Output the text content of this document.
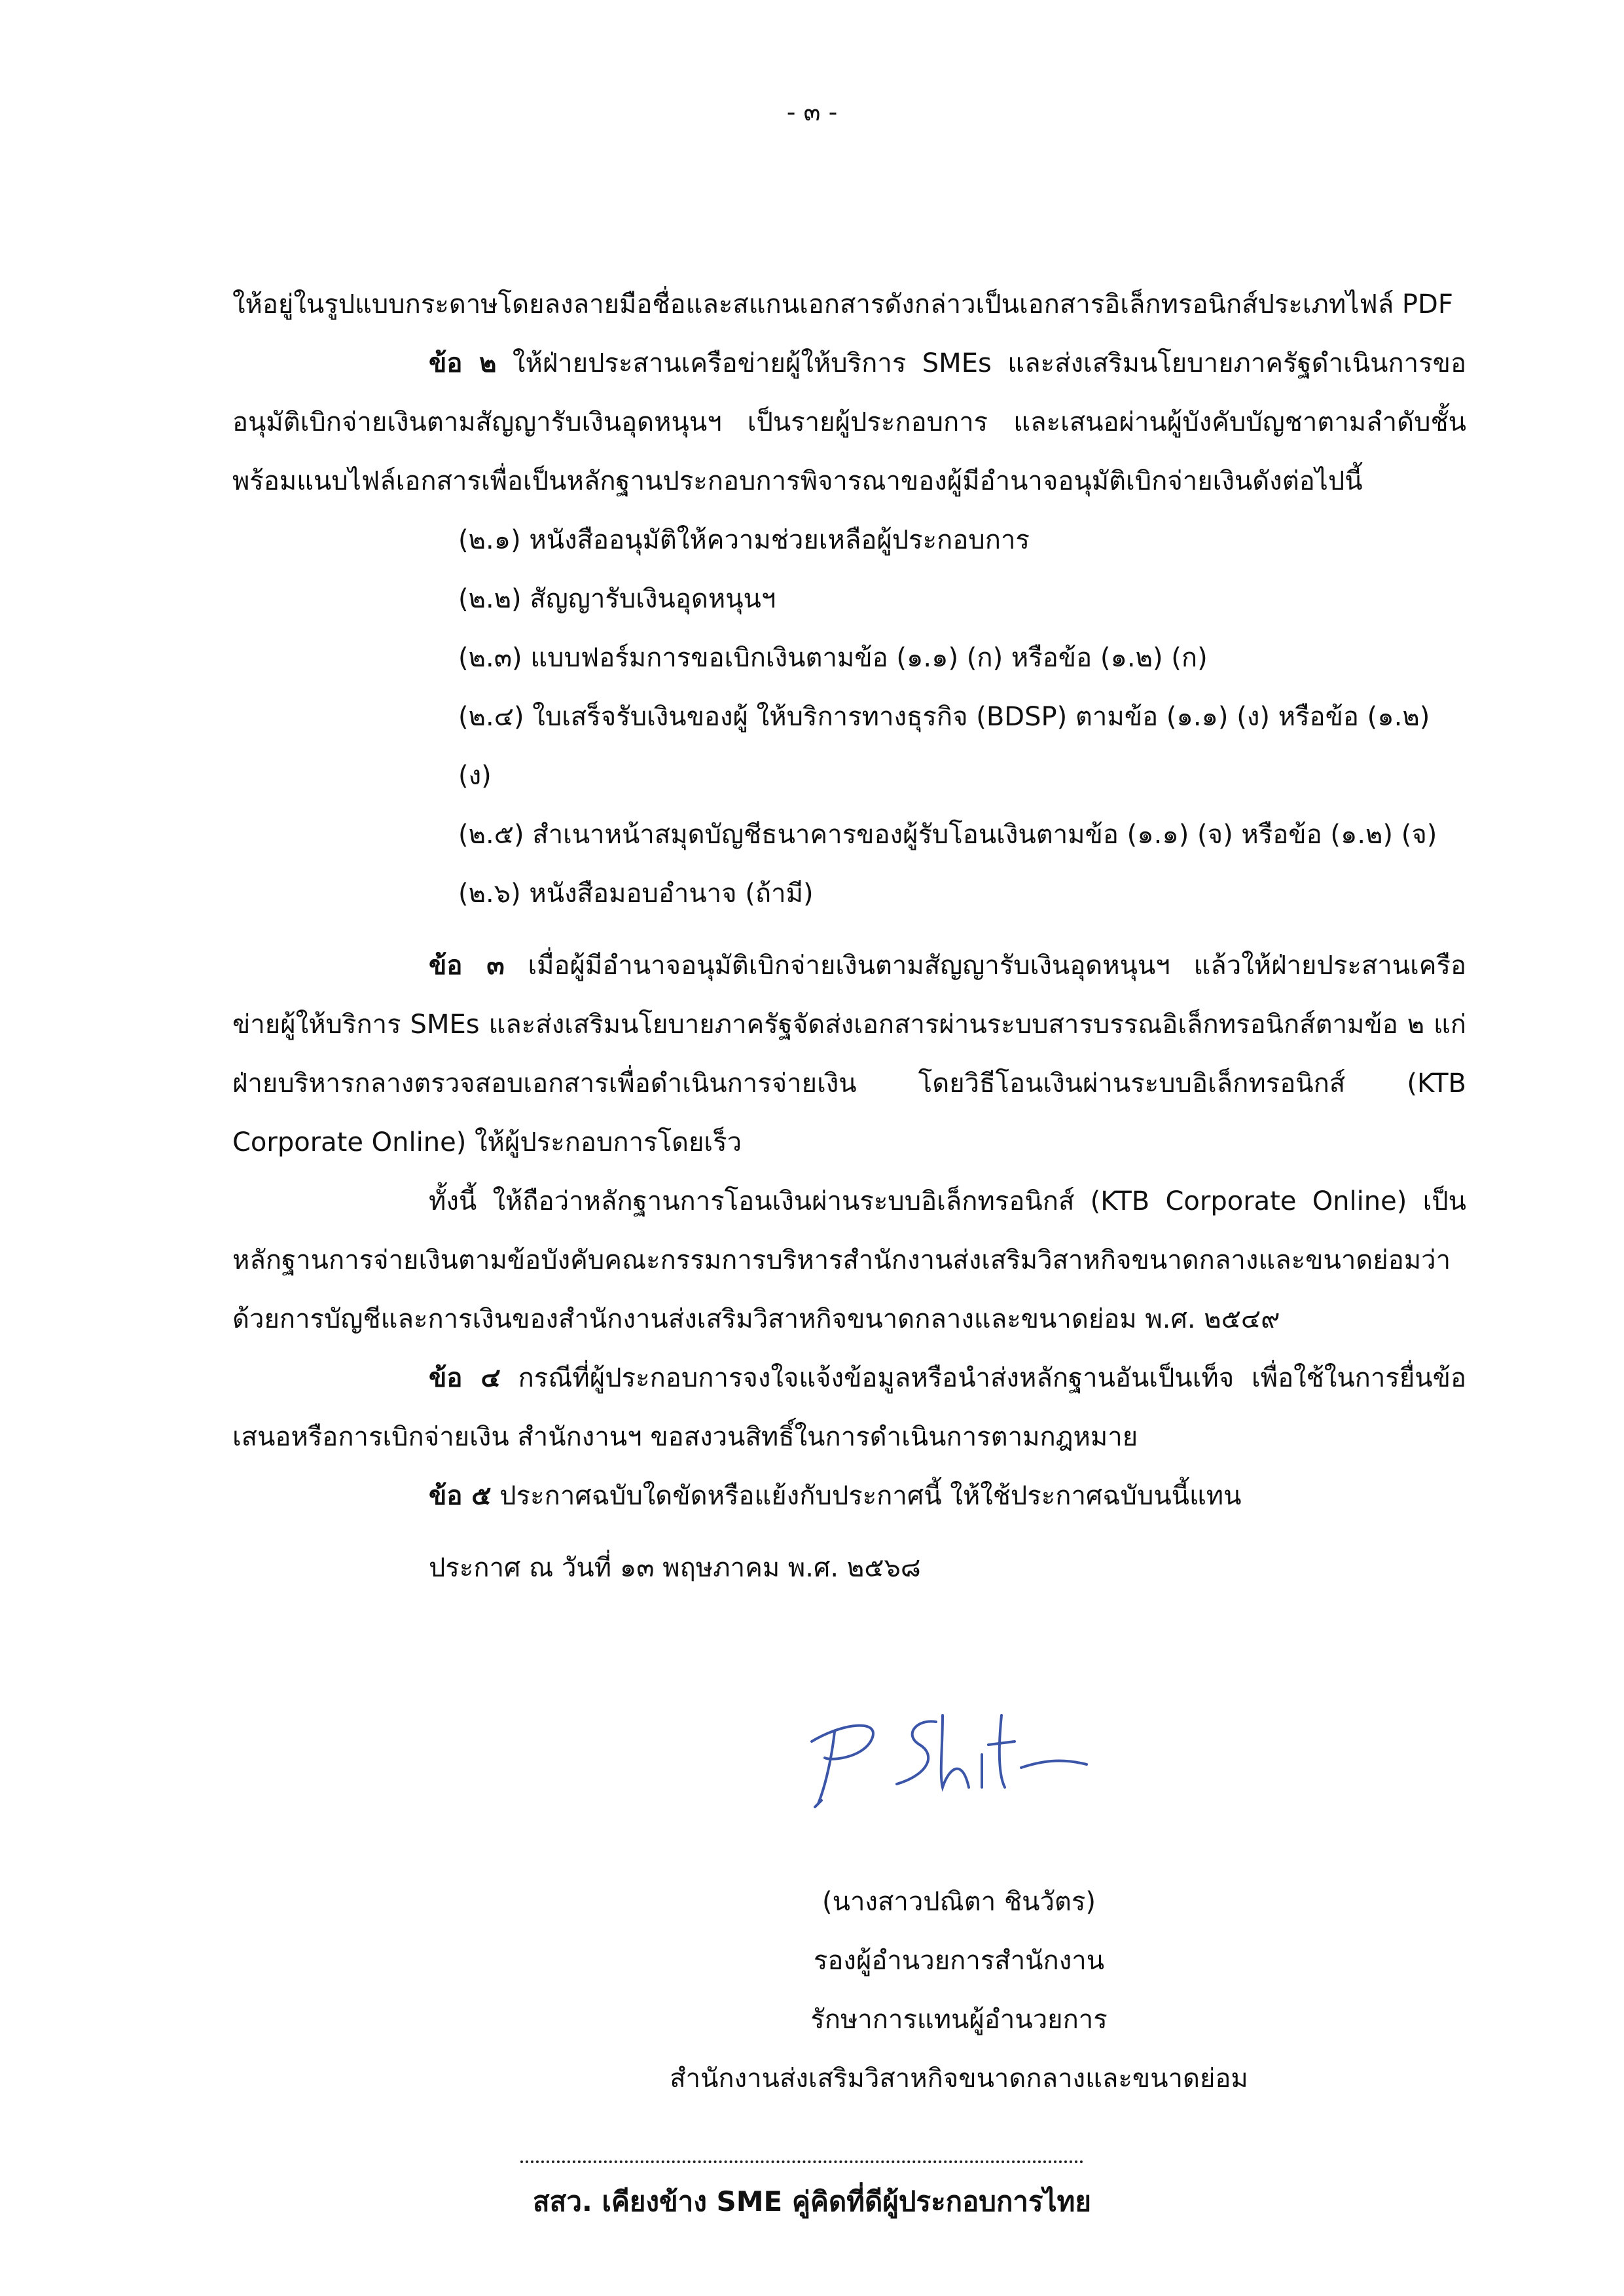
- ๓ -

ให้อยู่ในรูปแบบกระดาษโดยลงลายมือชื่อและสแกนเอกสารดังกล่าวเป็นเอกสารอิเล็กทรอนิกส์ประเภทไฟล์ PDF

ข้อ ๒ ให้ฝ่ายประสานเครือข่ายผู้ให้บริการ SMEs และส่งเสริมนโยบายภาครัฐดำเนินการขออนุมัติเบิกจ่ายเงินตามสัญญารับเงินอุดหนุนฯ เป็นรายผู้ประกอบการ และเสนอผ่านผู้บังคับบัญชาตามลำดับชั้น พร้อมแนบไฟล์เอกสารเพื่อเป็นหลักฐานประกอบการพิจารณาของผู้มีอำนาจอนุมัติเบิกจ่ายเงินดังต่อไปนี้

(๒.๑) หนังสืออนุมัติให้ความช่วยเหลือผู้ประกอบการ
(๒.๒) สัญญารับเงินอุดหนุนฯ
(๒.๓) แบบฟอร์มการขอเบิกเงินตามข้อ (๑.๑) (ก) หรือข้อ (๑.๒) (ก)
(๒.๔) ใบเสร็จรับเงินของผู้ ให้บริการทางธุรกิจ (BDSP) ตามข้อ (๑.๑) (ง) หรือข้อ (๑.๒) (ง)
(๒.๕) สำเนาหน้าสมุดบัญชีธนาคารของผู้รับโอนเงินตามข้อ (๑.๑) (จ) หรือข้อ (๑.๒) (จ)
(๒.๖) หนังสือมอบอำนาจ (ถ้ามี)

ข้อ ๓ เมื่อผู้มีอำนาจอนุมัติเบิกจ่ายเงินตามสัญญารับเงินอุดหนุนฯ แล้วให้ฝ่ายประสานเครือข่ายผู้ให้บริการ SMEs และส่งเสริมนโยบายภาครัฐจัดส่งเอกสารผ่านระบบสารบรรณอิเล็กทรอนิกส์ตามข้อ ๒ แก่ฝ่ายบริหารกลางตรวจสอบเอกสารเพื่อดำเนินการจ่ายเงิน โดยวิธีโอนเงินผ่านระบบอิเล็กทรอนิกส์ (KTB Corporate Online) ให้ผู้ประกอบการโดยเร็ว

ทั้งนี้ ให้ถือว่าหลักฐานการโอนเงินผ่านระบบอิเล็กทรอนิกส์ (KTB Corporate Online) เป็นหลักฐานการจ่ายเงินตามข้อบังคับคณะกรรมการบริหารสำนักงานส่งเสริมวิสาหกิจขนาดกลางและขนาดย่อมว่าด้วยการบัญชีและการเงินของสำนักงานส่งเสริมวิสาหกิจขนาดกลางและขนาดย่อม พ.ศ. ๒๕๔๙

ข้อ ๔ กรณีที่ผู้ประกอบการจงใจแจ้งข้อมูลหรือนำส่งหลักฐานอันเป็นเท็จ เพื่อใช้ในการยื่นข้อเสนอหรือการเบิกจ่ายเงิน สำนักงานฯ ขอสงวนสิทธิ์ในการดำเนินการตามกฎหมาย

ข้อ ๕ ประกาศฉบับใดขัดหรือแย้งกับประกาศนี้ ให้ใช้ประกาศฉบับนนี้แทน

ประกาศ ณ วันที่ ๑๓ พฤษภาคม พ.ศ. ๒๕๖๘

(นางสาวปณิตา ชินวัตร)
รองผู้อำนวยการสำนักงาน
รักษาการแทนผู้อำนวยการ
สำนักงานส่งเสริมวิสาหกิจขนาดกลางและขนาดย่อม
สสว. เคียงข้าง SME คู่คิดที่ดีผู้ประกอบการไทย
